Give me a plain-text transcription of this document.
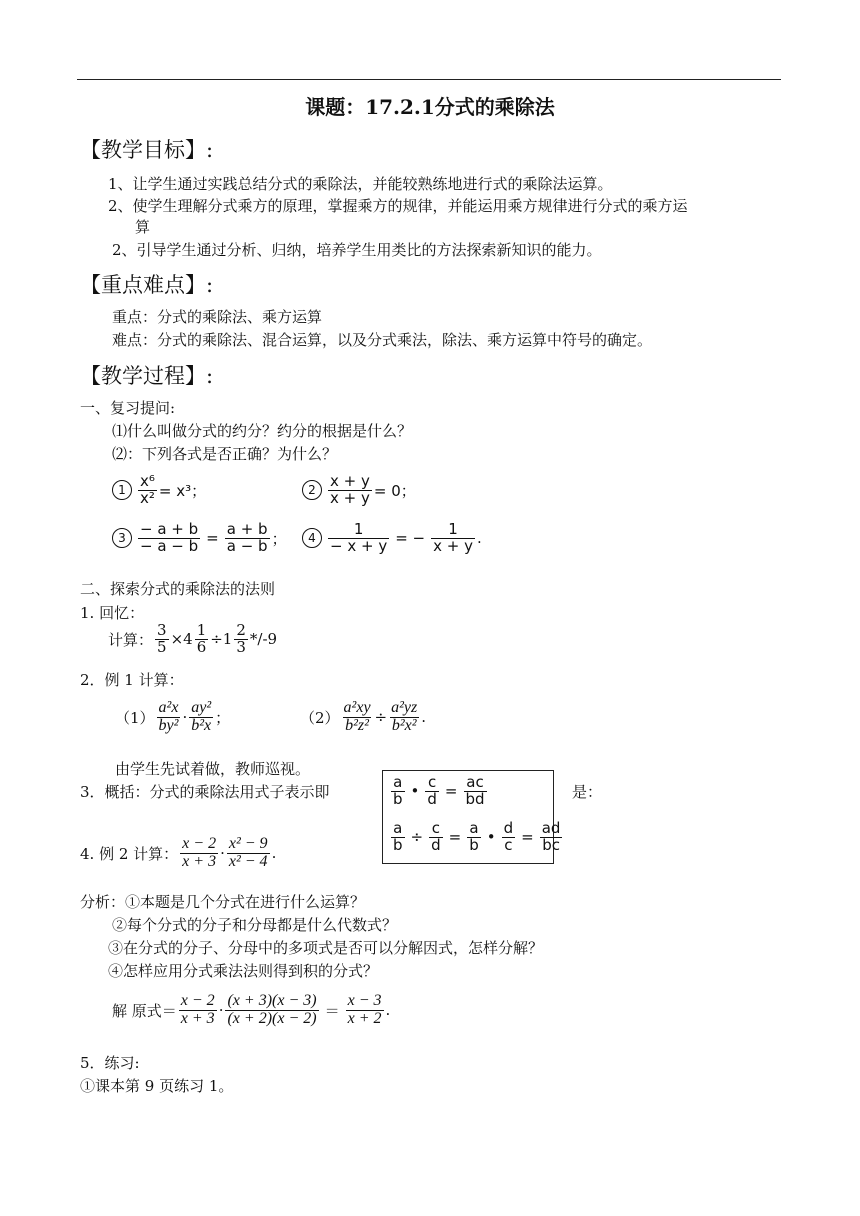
课题：17.2.1分式的乘除法
【教学目标】:
1、让学生通过实践总结分式的乘除法，并能较熟练地进行式的乘除法运算。
2、使学生理解分式乘方的原理，掌握乘方的规律，并能运用乘方规律进行分式的乘方运
算
2、引导学生通过分析、归纳，培养学生用类比的方法探索新知识的能力。
【重点难点】:
重点：分式的乘除法、乘方运算
难点：分式的乘除法、混合运算，以及分式乘法，除法、乘方运算中符号的确定。
【教学过程】:
一、复习提问:
⑴什么叫做分式的约分？约分的根据是什么？
⑵：下列各式是否正确？为什么？
$1 \frac{\text{x⁶}}{\text{x²}} = x^3$；	$2 \frac{x + y}{x + y} = 0$；
$3 \frac{- a + b}{- a - b} = \frac{a + b}{a - b}$ ；	$4 \frac{1}{- x + y}$ = − $\frac{1}{x + y}$ .
二、探索分式的乘除法的法则
1. 回忆：
计算： $\frac{3}{5} \times 4 \frac{1}{6} \div 1 \frac{2}{3} */-9$
2．例 1 计算：
$(1) \frac{\text{a²x}}{\text{by²}} \cdot \frac{\text{ay²}}{\text{b²x}}$ ；	$(2) \frac{\text{a²xy}}{\text{b²z²}} \div \frac{\text{a²yz}}{\text{b²x²}}$ .
由学生先试着做，教师巡视。
3．概括：分式的乘除法用式子表示即	是：
$\frac{a}{b}$ • $\frac{c}{d} = \frac{ac}{bd}$
$\frac{a}{b} \div \frac{c}{d} = \frac{a}{b}$ • $\frac{d}{c} = \frac{ad}{bc}$
4. 例 2 计算： $\frac{x - 2}{x + 3} \cdot \frac{\text{x² − 9}}{\text{x² − 4}}$ .
分析： ①本题是几个分式在进行什么运算？
②每个分式的分子和分母都是什么代数式？
③在分式的分子、分母中的多项式是否可以分解因式，怎样分解？
④怎样应用分式乘法法则得到积的分式？
解 原式＝ $\frac{x - 2}{x + 3} \cdot \frac{(x + 3)(x - 3)}{(x + 2)(x - 2)} = \frac{x - 3}{x + 2}$ .
5．练习:
①课本第 9 页练习 1。
